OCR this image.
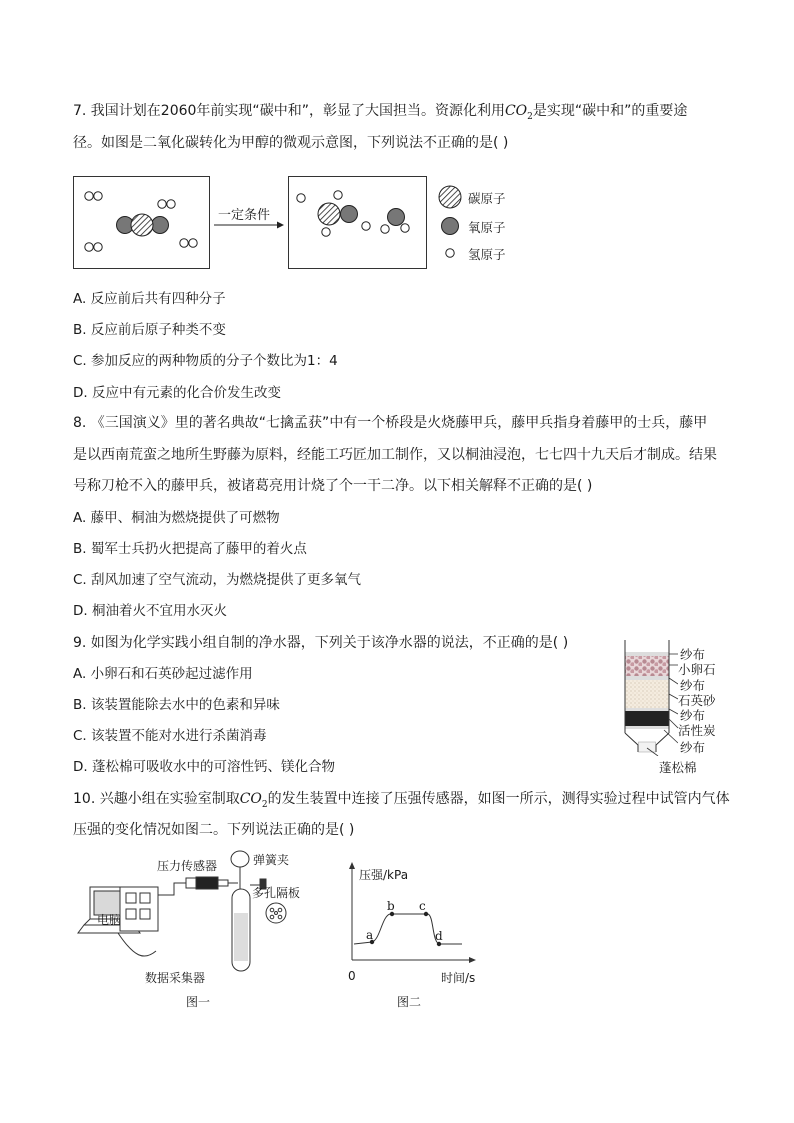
7. 我国计划在2060年前实现“碳中和”，彰显了大国担当。资源化利用$CO_2$是实现“碳中和”的重要途
径。如图是二氧化碳转化为甲醇的微观示意图，下列说法不正确的是( )
一定条件
碳原子
氧原子
氢原子
A. 反应前后共有四种分子
B. 反应前后原子种类不变
C. 参加反应的两种物质的分子个数比为1：4
D. 反应中有元素的化合价发生改变
8. 《三国演义》里的著名典故“七擒孟获”中有一个桥段是火烧藤甲兵，藤甲兵指身着藤甲的士兵，藤甲
是以西南荒蛮之地所生野藤为原料，经能工巧匠加工制作，又以桐油浸泡，七七四十九天后才制成。结果
号称刀枪不入的藤甲兵，被诸葛亮用计烧了个一干二净。以下相关解释不正确的是( )
A. 藤甲、桐油为燃烧提供了可燃物
B. 蜀军士兵扔火把提高了藤甲的着火点
C. 刮风加速了空气流动，为燃烧提供了更多氧气
D. 桐油着火不宜用水灭火
9. 如图为化学实践小组自制的净水器，下列关于该净水器的说法，不正确的是( )
A. 小卵石和石英砂起过滤作用
B. 该装置能除去水中的色素和异味
C. 该装置不能对水进行杀菌消毒
D. 蓬松棉可吸收水中的可溶性钙、镁化合物
纱布
小卵石
纱布
石英砂
纱布
活性炭
纱布
蓬松棉
10. 兴趣小组在实验室制取$CO_2$的发生装置中连接了压强传感器，如图一所示，测得实验过程中试管内气体
压强的变化情况如图二。下列说法正确的是( )
压力传感器	弹簧夹
多孔隔板
电脑
数据采集器
图一
压强/kPa
0	时间/s
a
b c
d
图二
